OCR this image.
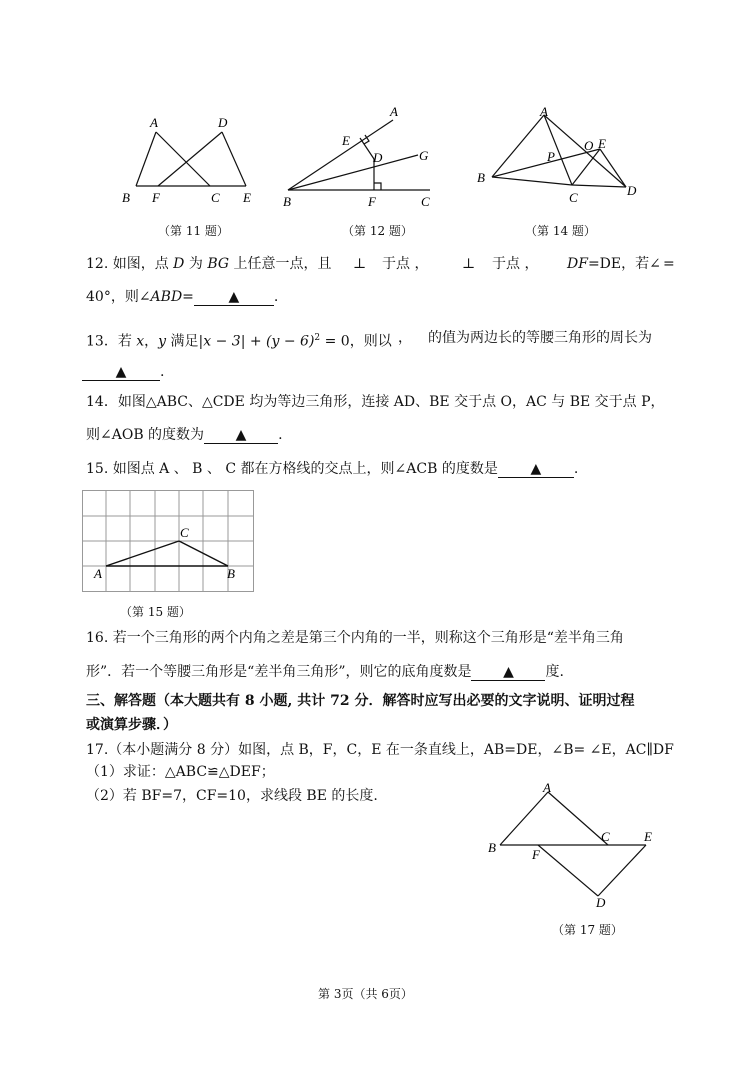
A	D
B F	C E
（第 11 题）
A
E
D	G
B	F	C
（第 12 题）
A
O E
P
B
C	D
（第 14 题）
12. 如图，点 D 为 BG 上任意一点，且	⊥ 于点 ， ⊥ 于点 ， DF=DE，若∠ =
40°，则∠ABD= ▲ .
13．若 x，y 满足$|x - 3| + (y - 6)^2 = 0$，则以 ， 的值为两边长的等腰三角形的周长为
▲ .
14．如图△ABC、△CDE 均为等边三角形，连接 AD、BE 交于点 O，AC 与 BE 交于点 P，
则∠AOB 的度数为 ▲ .
15. 如图点 A 、 B 、 C 都在方格线的交点上，则∠ACB 的度数是 ▲ .
C
A	B
（第 15 题）
16. 若一个三角形的两个内角之差是第三个内角的一半，则称这个三角形是“差半角三角
形”．若一个等腰三角形是“差半角三角形”，则它的底角度数是 ▲ 度.
三、解答题（本大题共有 8 小题, 共计 72 分．解答时应写出必要的文字说明、证明过程
或演算步骤．）
17.（本小题满分 8 分）如图，点 B，F，C，E 在一条直线上，AB=DE，∠B= ∠E，AC∥DF
（1）求证：△ABC≌△DEF；
（2）若 BF=7，CF=10，求线段 BE 的长度.
A
B	F
C	E
D
（第 17 题）
第 3页（共 6页）
